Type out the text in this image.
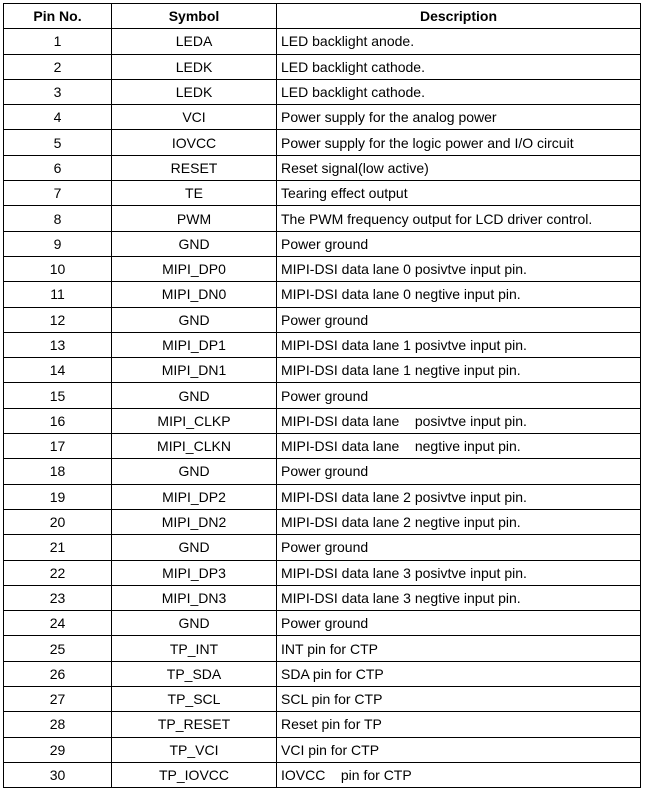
Pin No.	Symbol	Description
1	LEDA	LED backlight anode.
2	LEDK	LED backlight cathode.
3	LEDK	LED backlight cathode.
4	VCI	Power supply for the analog power
5	IOVCC	Power supply for the logic power and I/O circuit
6	RESET	Reset signal(low active)
7	TE	Tearing effect output
8	PWM	The PWM frequency output for LCD driver control.
9	GND	Power ground
10	MIPI_DP0	MIPI-DSI data lane 0 posivtve input pin.
11	MIPI_DN0	MIPI-DSI data lane 0 negtive input pin.
12	GND	Power ground
13	MIPI_DP1	MIPI-DSI data lane 1 posivtve input pin.
14	MIPI_DN1	MIPI-DSI data lane 1 negtive input pin.
15	GND	Power ground
16	MIPI_CLKP	MIPI-DSI data lane    posivtve input pin.
17	MIPI_CLKN	MIPI-DSI data lane    negtive input pin.
18	GND	Power ground
19	MIPI_DP2	MIPI-DSI data lane 2 posivtve input pin.
20	MIPI_DN2	MIPI-DSI data lane 2 negtive input pin.
21	GND	Power ground
22	MIPI_DP3	MIPI-DSI data lane 3 posivtve input pin.
23	MIPI_DN3	MIPI-DSI data lane 3 negtive input pin.
24	GND	Power ground
25	TP_INT	INT pin for CTP
26	TP_SDA	SDA pin for CTP
27	TP_SCL	SCL pin for CTP
28	TP_RESET	Reset pin for TP
29	TP_VCI	VCI pin for CTP
30	TP_IOVCC	IOVCC    pin for CTP
